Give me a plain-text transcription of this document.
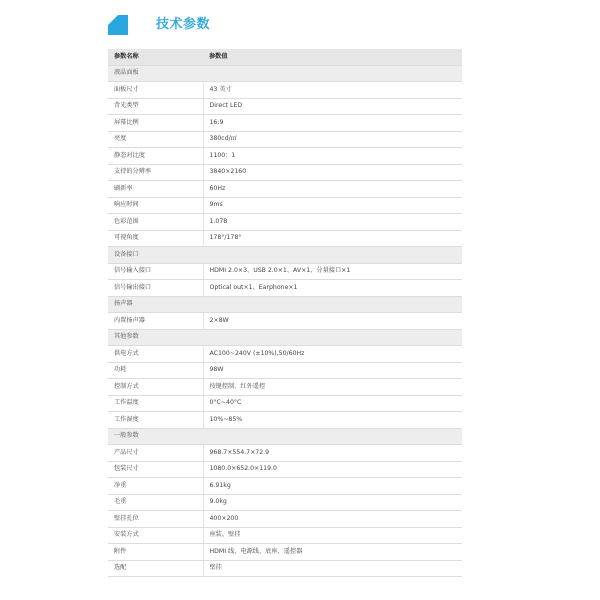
技术参数
参数名称	参数值
液晶面板	
面板尺寸	43 英寸
背光类型	Direct LED
屏幕比例	16:9
亮度	380cd/㎡
静态对比度	1100：1
支持的分辨率	3840×2160
刷新率	60Hz
响应时间	9ms
色彩范围	1.07B
可视角度	178°/178°
设备接口	
信号输入接口	HDMI 2.0×3、USB 2.0×1、AV×1、分量接口×1
信号输出接口	Optical out×1、Earphone×1
扬声器	
内置扬声器	2×8W
其他参数	
供电方式	AC100~240V (±10%),50/60Hz
功耗	98W
控制方式	按键控制、红外遥控
工作温度	0°C~40°C
工作湿度	10%~85%
一般参数	
产品尺寸	968.7×554.7×72.9
包装尺寸	1080.0×652.0×119.0
净重	6.91kg
毛重	9.0kg
壁挂孔位	400×200
安装方式	座装、壁挂
附件	HDMI 线、电源线、底座、遥控器
选配	壁挂
